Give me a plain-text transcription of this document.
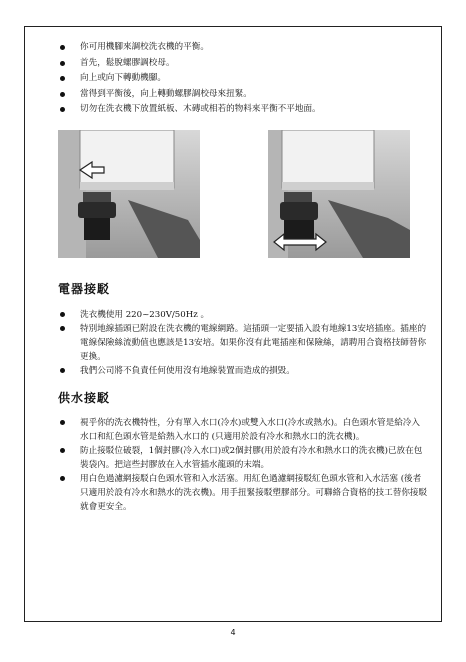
你可用機腳來調校洗衣機的平衡。
首先，鬆脫螺膠調校母。
向上或向下轉動機腳。
當得到平衡後，向上轉動螺膠調校母來扭緊。
切勿在洗衣機下放置紙板、木磚或相若的物料來平衡不平地面。
電器接駁
洗衣機使用 220~230V/50Hz 。
特別地線插頭已附設在洗衣機的電線網路。這插頭一定要插入設有地線13安培插座。插座的電線保險絲流動值也應該是13安培。如果你沒有此電插座和保險絲，請聘用合資格技師替你更換。
我們公司將不負責任何使用沒有地線裝置而造成的損毀。
供水接駁
視乎你的洗衣機特性，分有單入水口(冷水)或雙入水口(冷水或熱水)。白色頭水管是給冷入水口和紅色頭水管是給熱入水口的 (只適用於設有冷水和熱水口的洗衣機)。
防止接駁位破裂，1個封膠(冷入水口)或2個封膠(用於設有冷水和熱水口的洗衣機)已放在包裝袋內。把這些封膠放在入水管插水龍頭的末端。
用白色過濾網接駁白色頭水管和入水活塞。用紅色過濾網接駁紅色頭水管和入水活塞 (後者只適用於設有冷水和熱水的洗衣機)。用手扭緊接駁塑膠部分。可聯絡合資格的技工替你接駁就會更安全。
4
